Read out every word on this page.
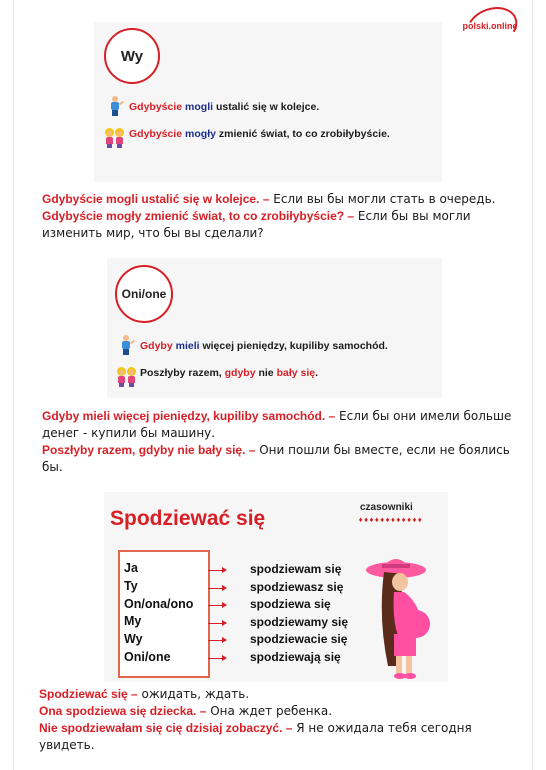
polski.online
Wy
Gdybyście mogli ustalić się w kolejce.
Gdybyście mogły zmienić świat, to co zrobiłybyście.
Gdybyście mogli ustalić się w kolejce. – Если вы бы могли стать в очередь.
Gdybyście mogły zmienić świat, to co zrobiłybyście? – Если бы вы могли изменить мир, что бы вы сделали?
Oni/one
Gdyby mieli więcej pieniędzy, kupiliby samochód.
Poszłyby razem, gdyby nie bały się.
Gdyby mieli więcej pieniędzy, kupiliby samochód. – Если бы они имели больше денег - купили бы машину.
Poszłyby razem, gdyby nie bały się. – Они пошли бы вместе, если не боялись бы.
Spodziewać się	czasowniki
♦♦♦♦♦♦♦♦♦♦♦♦
Ja
Ty
On/ona/ono
My
Wy
Oni/one
spodziewam się
spodziewasz się
spodziewa się
spodziewamy się
spodziewacie się
spodziewają się
Spodziewać się – ожидать, ждать.
Ona spodziewa się dziecka. – Она ждет ребенка.
Nie spodziewałam się cię dzisiaj zobaczyć. – Я не ожидала тебя сегодня увидеть.
